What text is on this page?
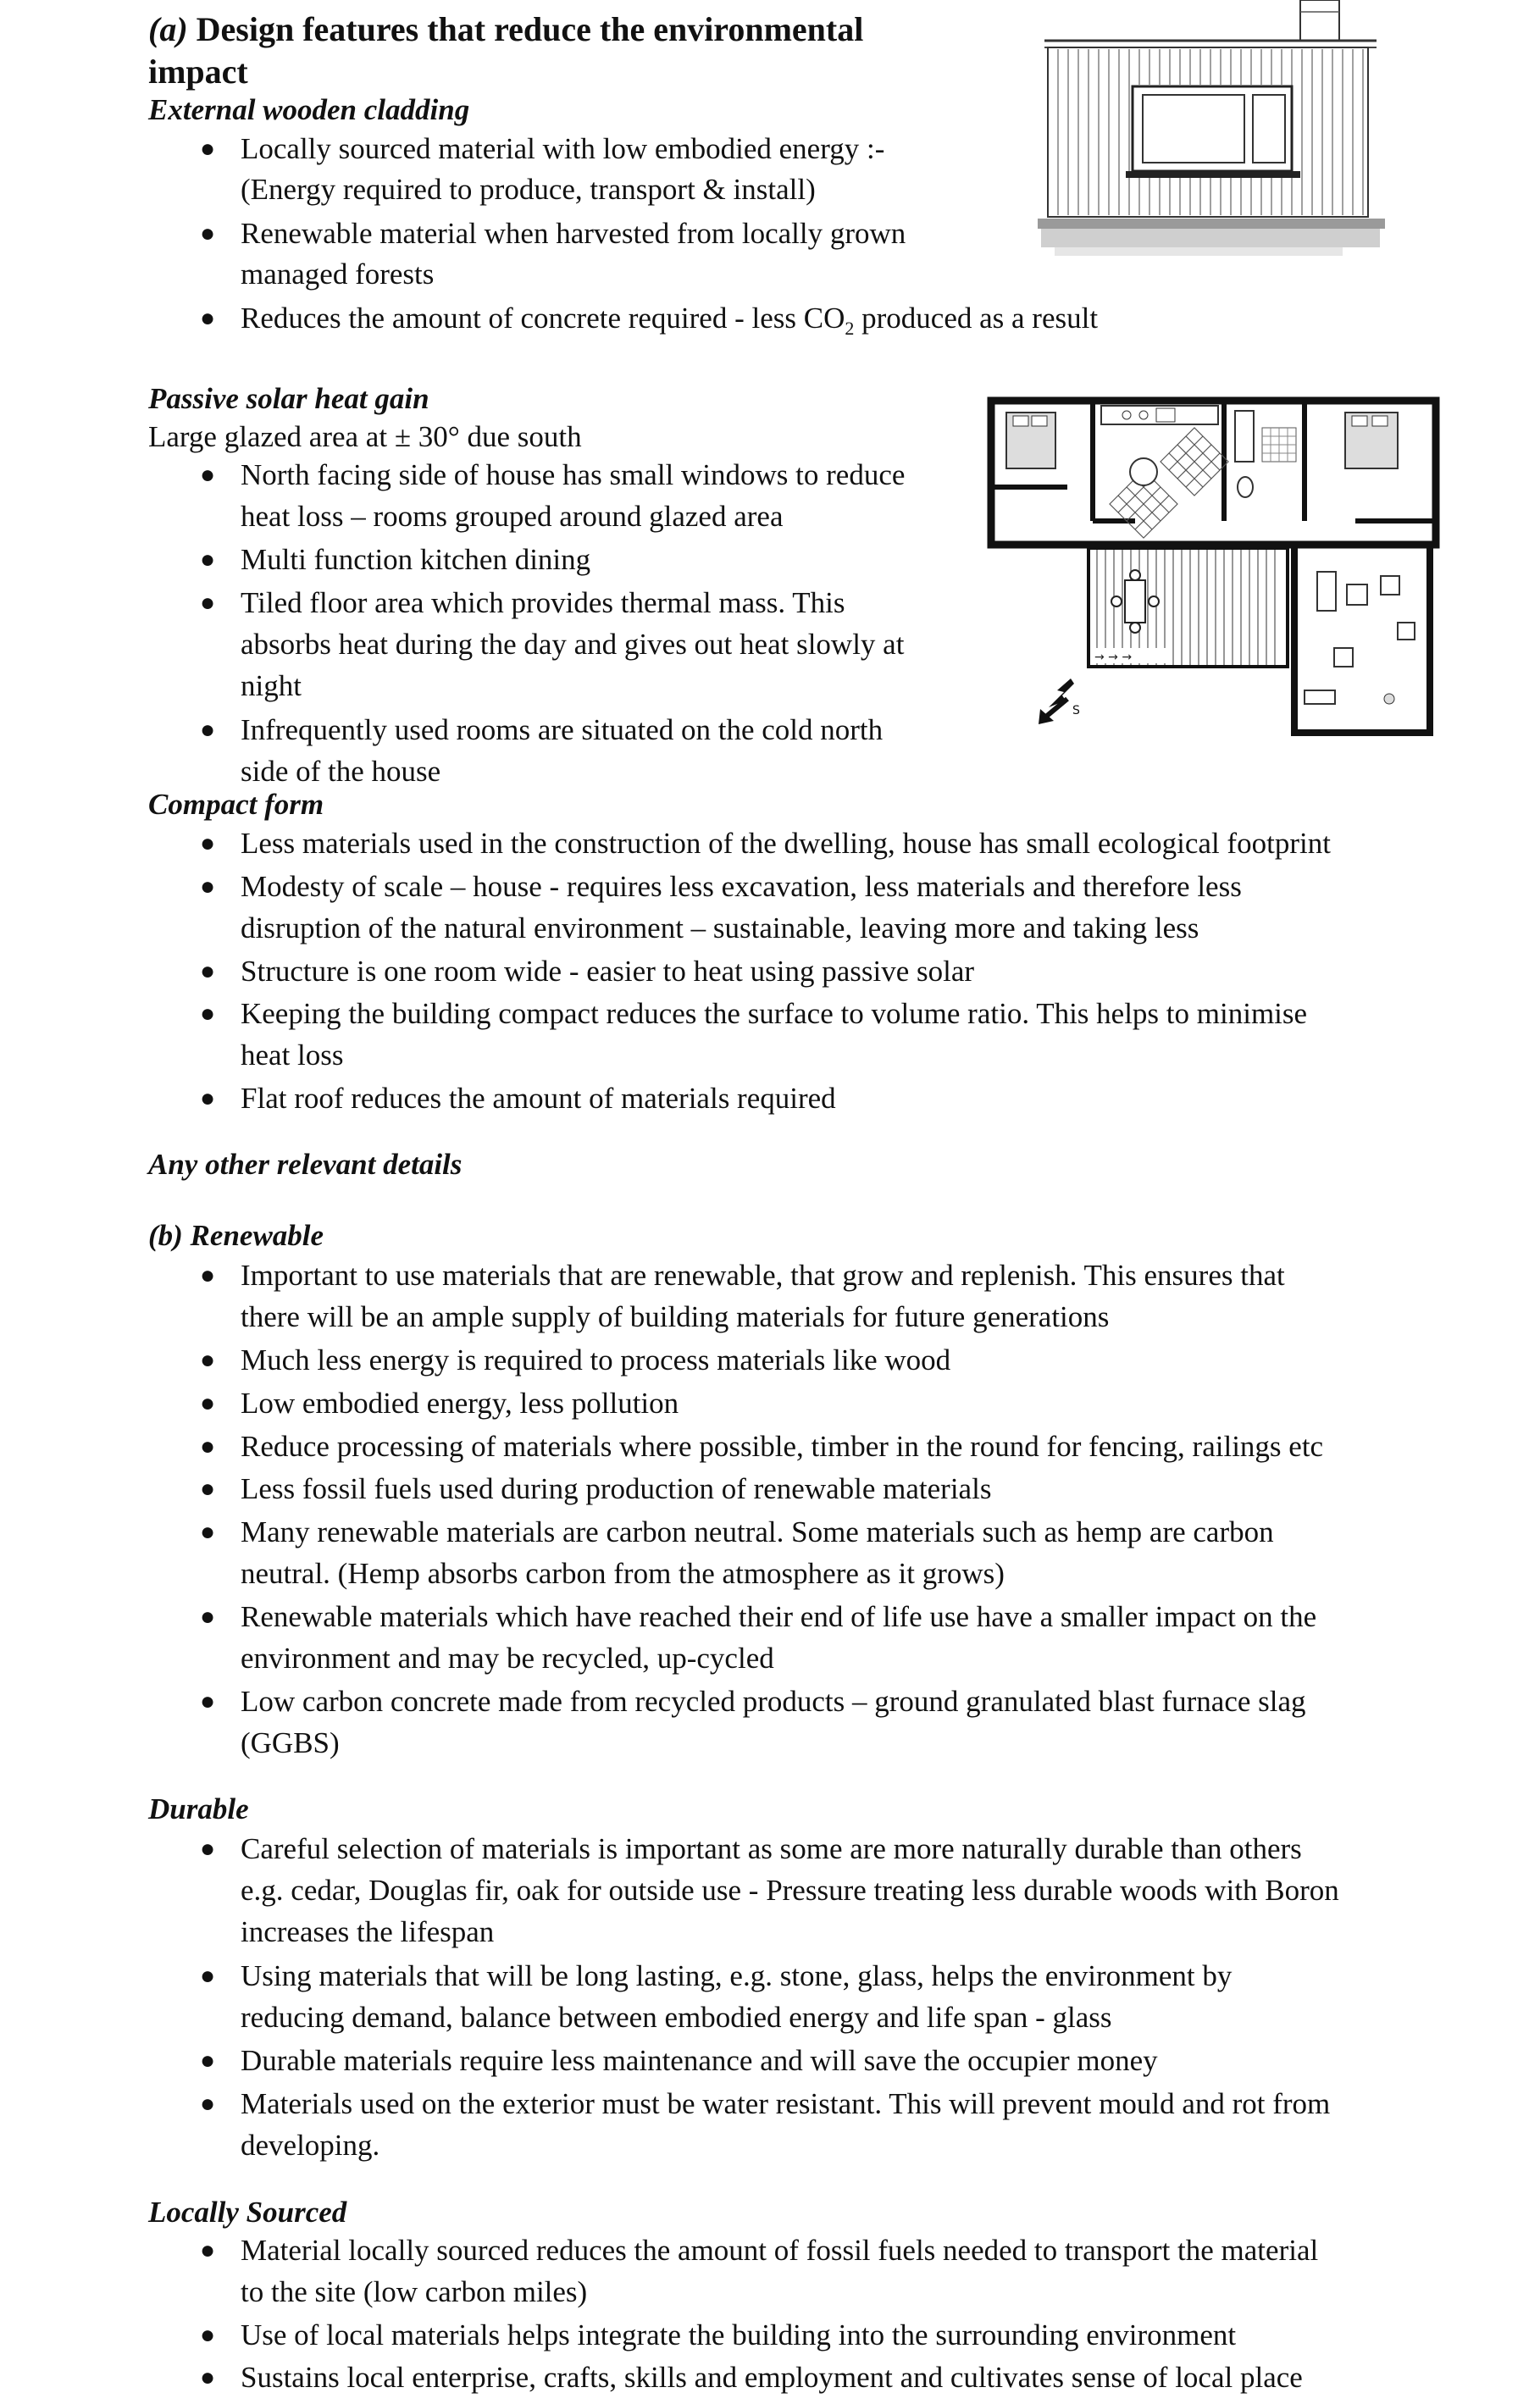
(a) Design features that reduce the environmental
impact
External wooden cladding
● Locally sourced material with low embodied energy :-
(Energy required to produce, transport & install)
● Renewable material when harvested from locally grown
managed forests
● Reduces the amount of concrete required - less $CO_2$ produced as a result
Passive solar heat gain
Large glazed area at ± 30° due south
● North facing side of house has small windows to reduce
heat loss – rooms grouped around glazed area
● Multi function kitchen dining
● Tiled floor area which provides thermal mass. This
absorbs heat during the day and gives out heat slowly at
night
● Infrequently used rooms are situated on the cold north
side of the house
Compact form
● Less materials used in the construction of the dwelling, house has small ecological footprint
● Modesty of scale – house - requires less excavation, less materials and therefore less
disruption of the natural environment – sustainable, leaving more and taking less
● Structure is one room wide - easier to heat using passive solar
● Keeping the building compact reduces the surface to volume ratio. This helps to minimise
heat loss
● Flat roof reduces the amount of materials required
Any other relevant details
(b) Renewable
● Important to use materials that are renewable, that grow and replenish. This ensures that
there will be an ample supply of building materials for future generations
● Much less energy is required to process materials like wood
● Low embodied energy, less pollution
● Reduce processing of materials where possible, timber in the round for fencing, railings etc
● Less fossil fuels used during production of renewable materials
● Many renewable materials are carbon neutral. Some materials such as hemp are carbon
neutral. (Hemp absorbs carbon from the atmosphere as it grows)
● Renewable materials which have reached their end of life use have a smaller impact on the
environment and may be recycled, up-cycled
● Low carbon concrete made from recycled products – ground granulated blast furnace slag
(GGBS)
Durable
● Careful selection of materials is important as some are more naturally durable than others
e.g. cedar, Douglas fir, oak for outside use - Pressure treating less durable woods with Boron
increases the lifespan
● Using materials that will be long lasting, e.g. stone, glass, helps the environment by
reducing demand, balance between embodied energy and life span - glass
● Durable materials require less maintenance and will save the occupier money
● Materials used on the exterior must be water resistant. This will prevent mould and rot from
developing.
Locally Sourced
● Material locally sourced reduces the amount of fossil fuels needed to transport the material
to the site (low carbon miles)
● Use of local materials helps integrate the building into the surrounding environment
● Sustains local enterprise, crafts, skills and employment and cultivates sense of local place
→ → →
S
